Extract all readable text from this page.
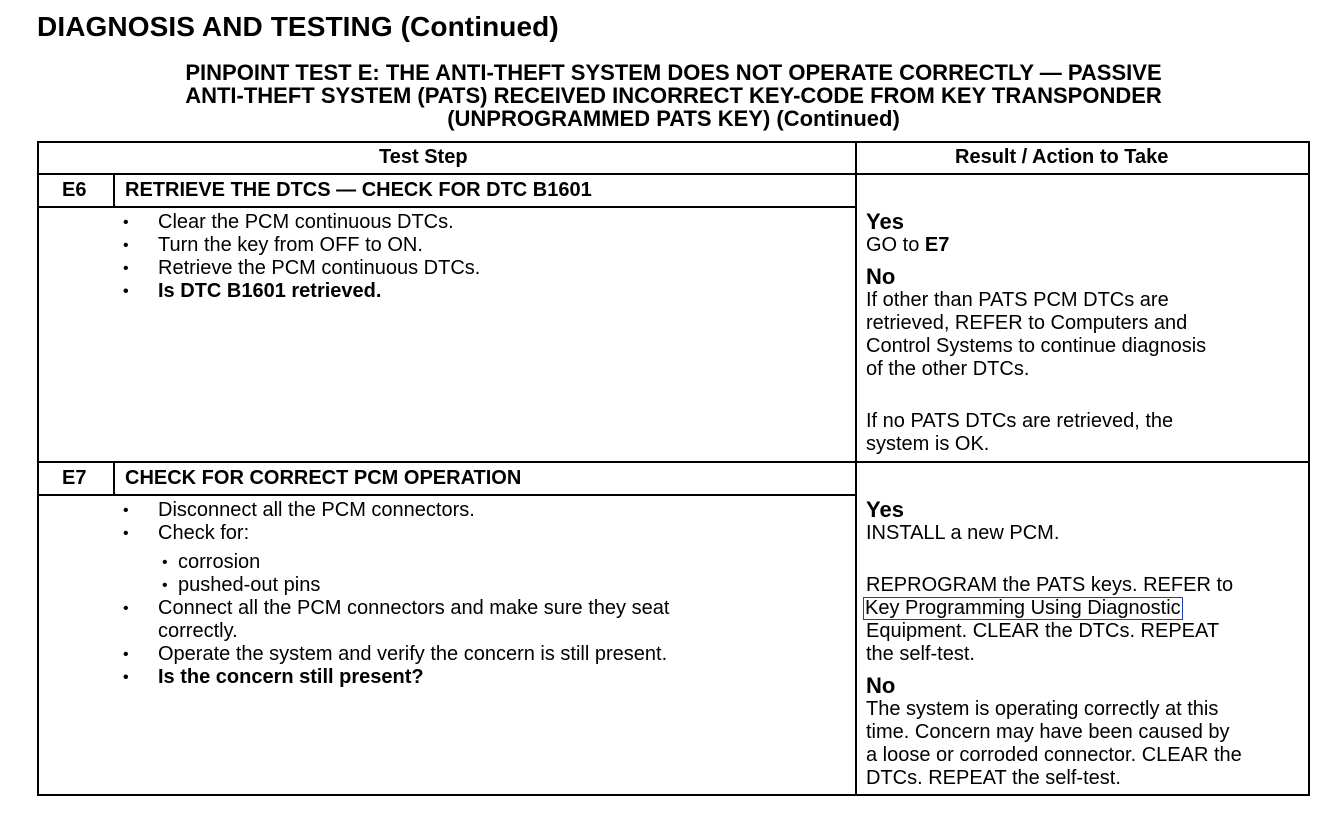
DIAGNOSIS AND TESTING (Continued)
PINPOINT TEST E: THE ANTI-THEFT SYSTEM DOES NOT OPERATE CORRECTLY — PASSIVE
ANTI-THEFT SYSTEM (PATS) RECEIVED INCORRECT KEY-CODE FROM KEY TRANSPONDER
(UNPROGRAMMED PATS KEY) (Continued)
Test Step	Result / Action to Take
E6 RETRIEVE THE DTCS — CHECK FOR DTC B1601
• Clear the PCM continuous DTCs.
• Turn the key from OFF to ON.
• Retrieve the PCM continuous DTCs.
• Is DTC B1601 retrieved.
Yes
GO to E7
No
If other than PATS PCM DTCs are
retrieved, REFER to Computers and
Control Systems to continue diagnosis
of the other DTCs.
If no PATS DTCs are retrieved, the
system is OK.
E7 CHECK FOR CORRECT PCM OPERATION
• Disconnect all the PCM connectors.
• Check for:
• corrosion
• pushed-out pins
• Connect all the PCM connectors and make sure they seat
correctly.
• Operate the system and verify the concern is still present.
• Is the concern still present?
Yes
INSTALL a new PCM.
REPROGRAM the PATS keys. REFER to
Key Programming Using Diagnostic
Equipment. CLEAR the DTCs. REPEAT
the self-test.
No
The system is operating correctly at this
time. Concern may have been caused by
a loose or corroded connector. CLEAR the
DTCs. REPEAT the self-test.
